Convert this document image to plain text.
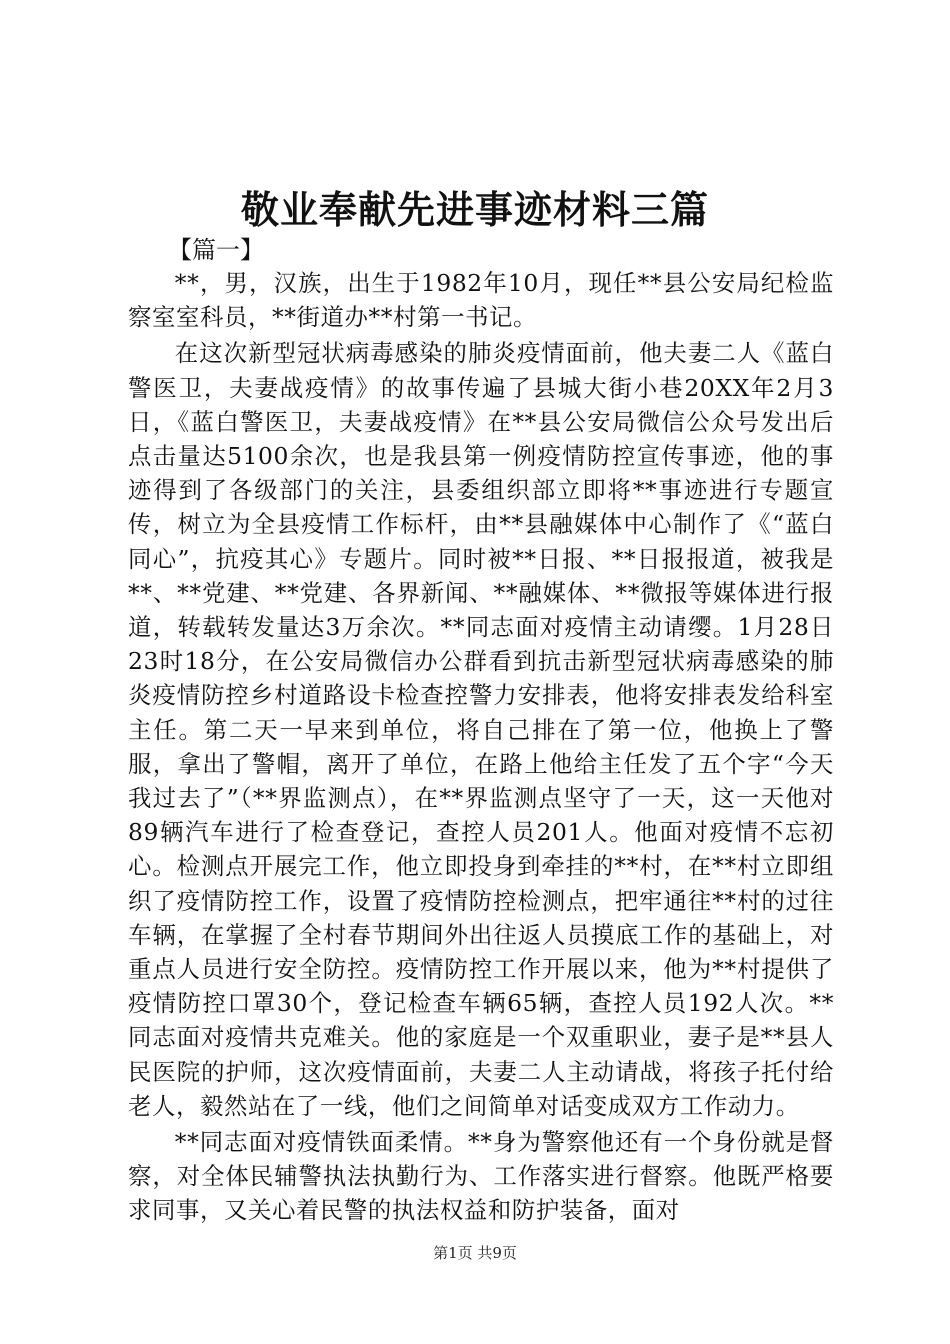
敬业奉献先进事迹材料三篇
【篇一】

**，男，汉族，出生于1982年10月，现任**县公安局纪检监察室室科员，**街道办**村第一书记。

在这次新型冠状病毒感染的肺炎疫情面前，他夫妻二人《蓝白警医卫，夫妻战疫情》的故事传遍了县城大街小巷20XX年2月3日，《蓝白警医卫，夫妻战疫情》在**县公安局微信公众号发出后点击量达5100余次，也是我县第一例疫情防控宣传事迹，他的事迹得到了各级部门的关注，县委组织部立即将**事迹进行专题宣传，树立为全县疫情工作标杆，由**县融媒体中心制作了《“蓝白同心”，抗疫其心》专题片。同时被**日报、**日报报道，被我是**、**党建、**党建、各界新闻、**融媒体、**微报等媒体进行报道，转载转发量达3万余次。**同志面对疫情主动请缨。1月28日23时18分，在公安局微信办公群看到抗击新型冠状病毒感染的肺炎疫情防控乡村道路设卡检查控警力安排表，他将安排表发给科室主任。第二天一早来到单位，将自己排在了第一位，他换上了警服，拿出了警帽，离开了单位，在路上他给主任发了五个字“今天我过去了”（**界监测点），在**界监测点坚守了一天，这一天他对89辆汽车进行了检查登记，查控人员201人。他面对疫情不忘初心。检测点开展完工作，他立即投身到牵挂的**村，在**村立即组织了疫情防控工作，设置了疫情防控检测点，把牢通往**村的过往车辆，在掌握了全村春节期间外出往返人员摸底工作的基础上，对重点人员进行安全防控。疫情防控工作开展以来，他为**村提供了疫情防控口罩30个，登记检查车辆65辆，查控人员192人次。**同志面对疫情共克难关。他的家庭是一个双重职业，妻子是**县人民医院的护师，这次疫情面前，夫妻二人主动请战，将孩子托付给老人，毅然站在了一线，他们之间简单对话变成双方工作动力。

**同志面对疫情铁面柔情。**身为警察他还有一个身份就是督察，对全体民辅警执法执勤行为、工作落实进行督察。他既严格要求同事，又关心着民警的执法权益和防护装备，面对

第1页 共9页
